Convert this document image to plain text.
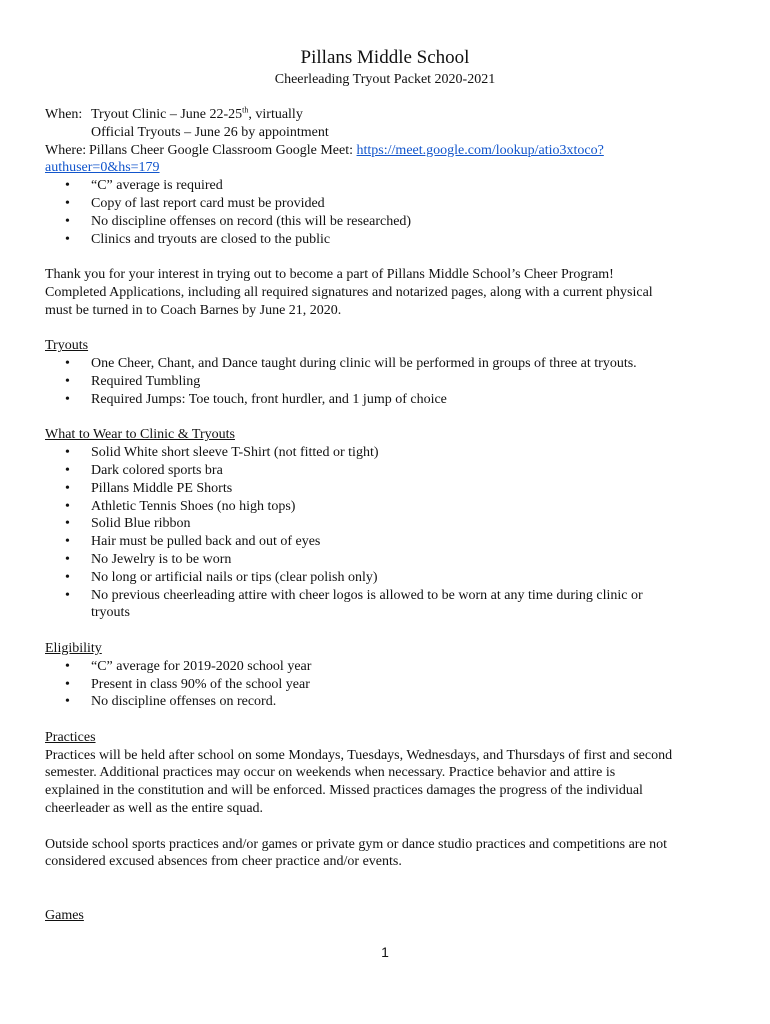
Pillans Middle School
Cheerleading Tryout Packet 2020-2021
When: Tryout Clinic – June 22-25th, virtually
Official Tryouts – June 26 by appointment
Where: Pillans Cheer Google Classroom Google Meet: https://meet.google.com/lookup/atio3xtoco?
authuser=0&hs=179
• “C” average is required
• Copy of last report card must be provided
• No discipline offenses on record (this will be researched)
• Clinics and tryouts are closed to the public
Thank you for your interest in trying out to become a part of Pillans Middle School’s Cheer Program!
Completed Applications, including all required signatures and notarized pages, along with a current physical
must be turned in to Coach Barnes by June 21, 2020.
Tryouts
• One Cheer, Chant, and Dance taught during clinic will be performed in groups of three at tryouts.
• Required Tumbling
• Required Jumps: Toe touch, front hurdler, and 1 jump of choice
What to Wear to Clinic & Tryouts
• Solid White short sleeve T-Shirt (not fitted or tight)
• Dark colored sports bra
• Pillans Middle PE Shorts
• Athletic Tennis Shoes (no high tops)
• Solid Blue ribbon
• Hair must be pulled back and out of eyes
• No Jewelry is to be worn
• No long or artificial nails or tips (clear polish only)
• No previous cheerleading attire with cheer logos is allowed to be worn at any time during clinic or
tryouts
Eligibility
• “C” average for 2019-2020 school year
• Present in class 90% of the school year
• No discipline offenses on record.
Practices
Practices will be held after school on some Mondays, Tuesdays, Wednesdays, and Thursdays of first and second
semester. Additional practices may occur on weekends when necessary. Practice behavior and attire is
explained in the constitution and will be enforced. Missed practices damages the progress of the individual
cheerleader as well as the entire squad.
Outside school sports practices and/or games or private gym or dance studio practices and competitions are not
considered excused absences from cheer practice and/or events.
Games
1
